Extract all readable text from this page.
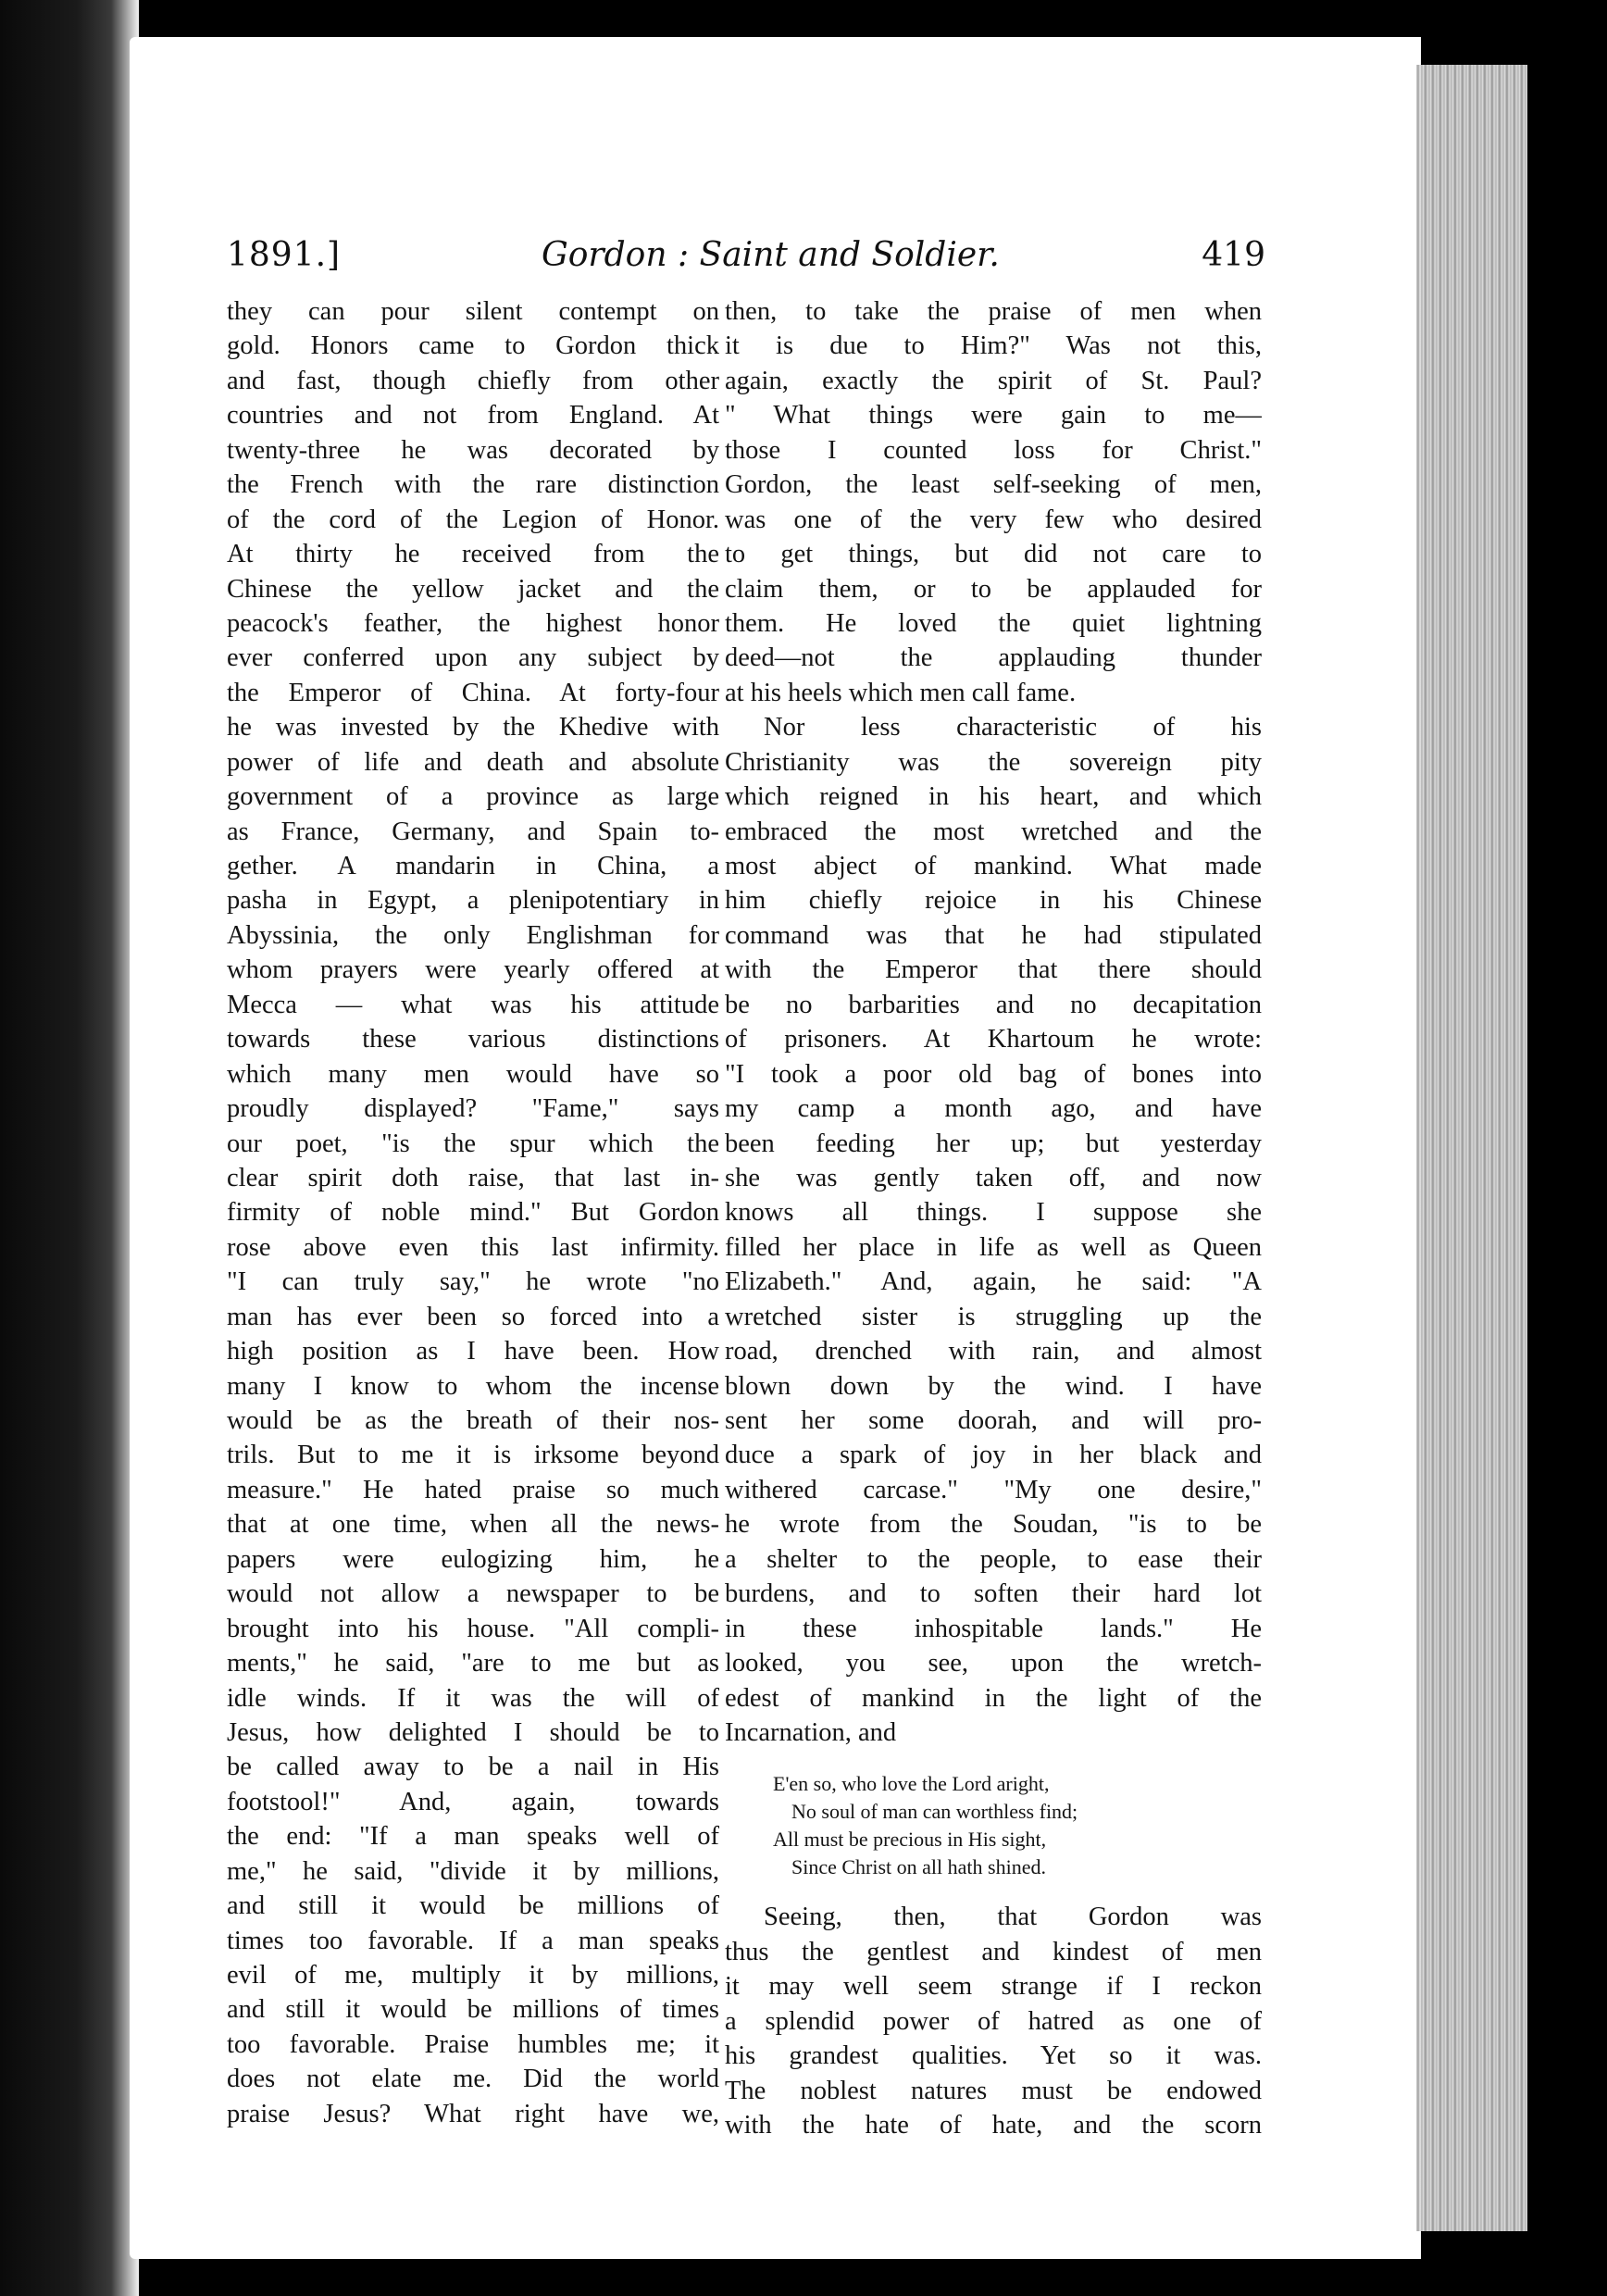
1891.]	Gordon : Saint and Soldier.	419
they can pour silent contempt on
gold. Honors came to Gordon thick
and fast, though chiefly from other
countries and not from England. At
twenty-three he was decorated by
the French with the rare distinction
of the cord of the Legion of Honor.
At thirty he received from the
Chinese the yellow jacket and the
peacock's feather, the highest honor
ever conferred upon any subject by
the Emperor of China. At forty-four
he was invested by the Khedive with
power of life and death and absolute
government of a province as large
as France, Germany, and Spain to-
gether. A mandarin in China, a
pasha in Egypt, a plenipotentiary in
Abyssinia, the only Englishman for
whom prayers were yearly offered at
Mecca — what was his attitude
towards these various distinctions
which many men would have so
proudly displayed? "Fame," says
our poet, "is the spur which the
clear spirit doth raise, that last in-
firmity of noble mind." But Gordon
rose above even this last infirmity.
"I can truly say," he wrote "no
man has ever been so forced into a
high position as I have been. How
many I know to whom the incense
would be as the breath of their nos-
trils. But to me it is irksome beyond
measure." He hated praise so much
that at one time, when all the news-
papers were eulogizing him, he
would not allow a newspaper to be
brought into his house. "All compli-
ments," he said, "are to me but as
idle winds. If it was the will of
Jesus, how delighted I should be to
be called away to be a nail in His
footstool!" And, again, towards
the end: "If a man speaks well of
me," he said, "divide it by millions,
and still it would be millions of
times too favorable. If a man speaks
evil of me, multiply it by millions,
and still it would be millions of times
too favorable. Praise humbles me; it
does not elate me. Did the world
praise Jesus? What right have we,
then, to take the praise of men when
it is due to Him?" Was not this,
again, exactly the spirit of St. Paul?
" What things were gain to me—
those I counted loss for Christ."
Gordon, the least self-seeking of men,
was one of the very few who desired
to get things, but did not care to
claim them, or to be applauded for
them. He loved the quiet lightning
deed—not the applauding thunder
at his heels which men call fame.
Nor less characteristic of his
Christianity was the sovereign pity
which reigned in his heart, and which
embraced the most wretched and the
most abject of mankind. What made
him chiefly rejoice in his Chinese
command was that he had stipulated
with the Emperor that there should
be no barbarities and no decapitation
of prisoners. At Khartoum he wrote:
"I took a poor old bag of bones into
my camp a month ago, and have
been feeding her up; but yesterday
she was gently taken off, and now
knows all things. I suppose she
filled her place in life as well as Queen
Elizabeth." And, again, he said: "A
wretched sister is struggling up the
road, drenched with rain, and almost
blown down by the wind. I have
sent her some doorah, and will pro-
duce a spark of joy in her black and
withered carcase." "My one desire,"
he wrote from the Soudan, "is to be
a shelter to the people, to ease their
burdens, and to soften their hard lot
in these inhospitable lands." He
looked, you see, upon the wretch-
edest of mankind in the light of the
Incarnation, and
E'en so, who love the Lord aright,
No soul of man can worthless find;
All must be precious in His sight,
Since Christ on all hath shined.
Seeing, then, that Gordon was
thus the gentlest and kindest of men
it may well seem strange if I reckon
a splendid power of hatred as one of
his grandest qualities. Yet so it was.
The noblest natures must be endowed
with the hate of hate, and the scorn
